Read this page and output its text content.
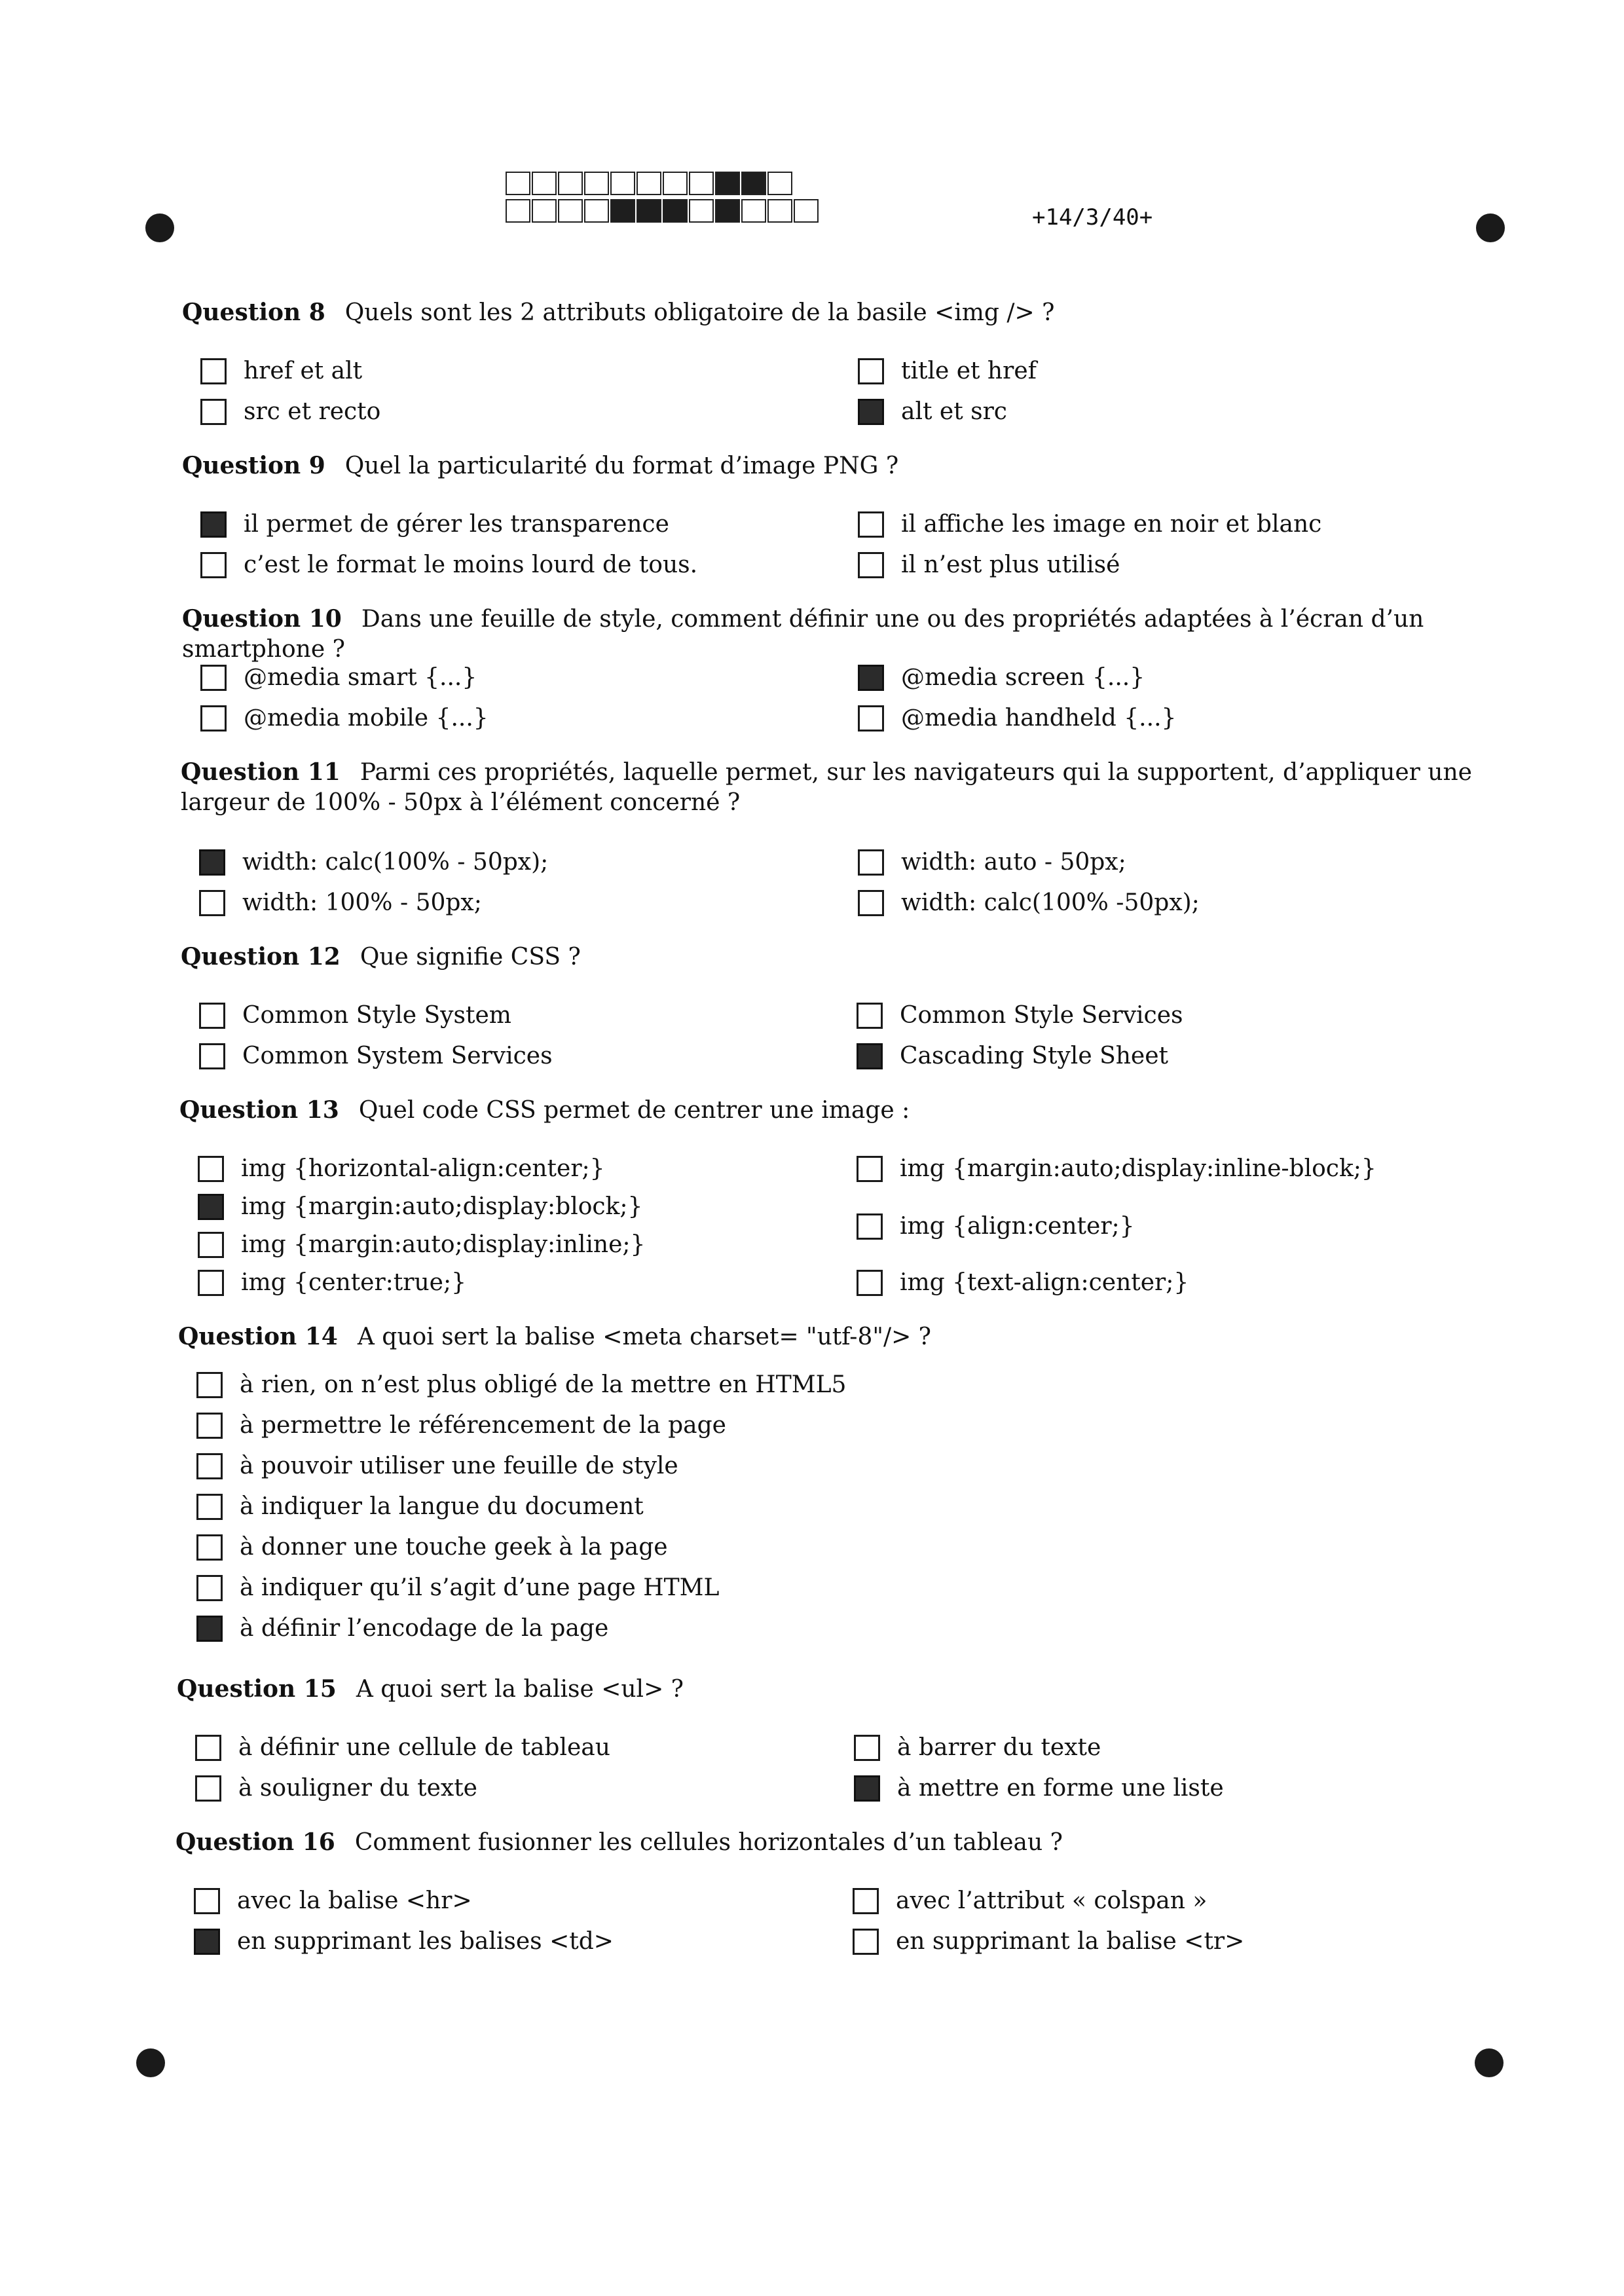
+14/3/40+
Question 8 Quels sont les 2 attributs obligatoire de la basile <img /> ?
href et alt
src et recto
title et href
alt et src
Question 9 Quel la particularité du format d’image PNG ?
il permet de gérer les transparence
c’est le format le moins lourd de tous.
il affiche les image en noir et blanc
il n’est plus utilisé
Question 10 Dans une feuille de style, comment définir une ou des propriétés adaptées à l’écran d’un smartphone ?
@media smart {...}
@media mobile {...}
@media screen {...}
@media handheld {...}
Question 11 Parmi ces propriétés, laquelle permet, sur les navigateurs qui la supportent, d’appliquer une largeur de 100% - 50px à l’élément concerné ?
width: calc(100% - 50px);
width: 100% - 50px;
width: auto - 50px;
width: calc(100% -50px);
Question 12 Que signifie CSS ?
Common Style System
Common System Services
Common Style Services
Cascading Style Sheet
Question 13 Quel code CSS permet de centrer une image :
img {horizontal-align:center;}
img {margin:auto;display:block;}
img {margin:auto;display:inline;}
img {center:true;}
img {margin:auto;display:inline-block;}
img {align:center;}
img {text-align:center;}
Question 14 A quoi sert la balise <meta charset= "utf-8"/> ?
à rien, on n’est plus obligé de la mettre en HTML5
à permettre le référencement de la page
à pouvoir utiliser une feuille de style
à indiquer la langue du document
à donner une touche geek à la page
à indiquer qu’il s’agit d’une page HTML
à définir l’encodage de la page
Question 15 A quoi sert la balise <ul> ?
à définir une cellule de tableau
à souligner du texte
à barrer du texte
à mettre en forme une liste
Question 16 Comment fusionner les cellules horizontales d’un tableau ?
avec la balise <hr>
en supprimant les balises <td>
avec l’attribut « colspan »
en supprimant la balise <tr>
